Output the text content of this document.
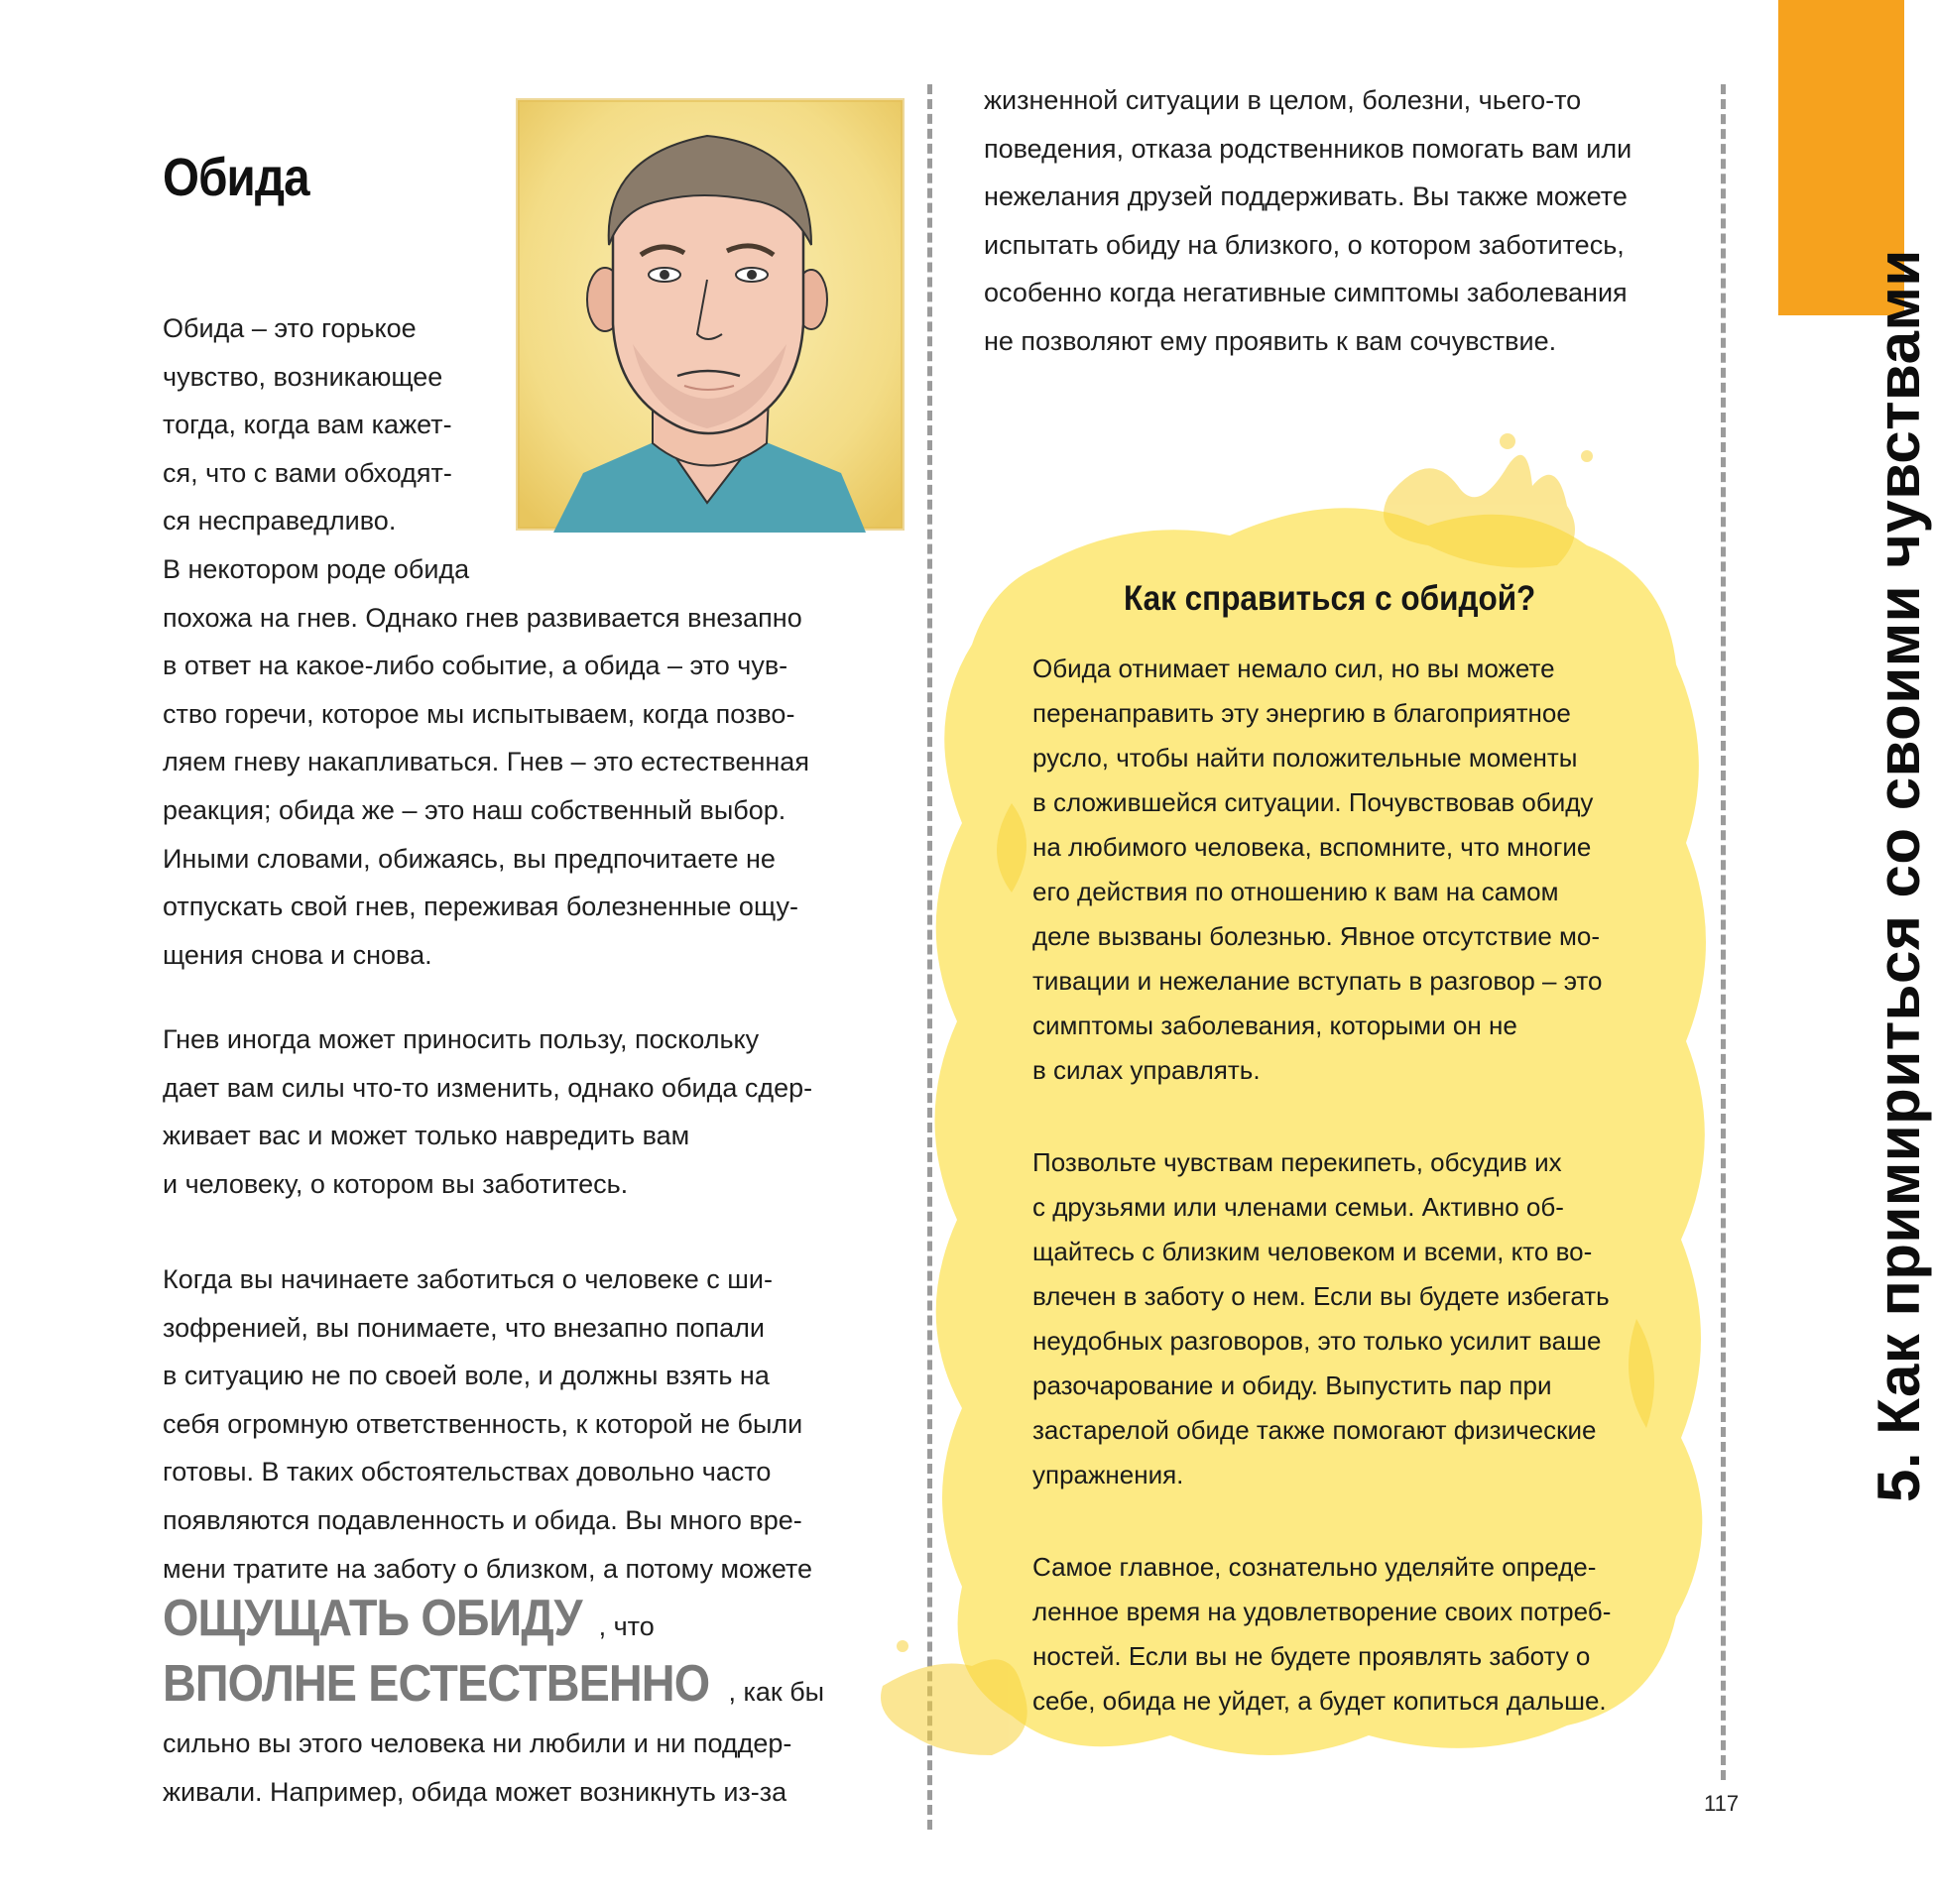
5. Как примириться со своими чувствами
Обида
Обида – это горькое
чувство, возникающее
тогда, когда вам кажет-
ся, что с вами обходят-
ся несправедливо.
В некотором роде обида
похожа на гнев. Однако гнев развивается внезапно
в ответ на какое-либо событие, а обида – это чув-
ство горечи, которое мы испытываем, когда позво-
ляем гневу накапливаться. Гнев – это естественная
реакция; обида же – это наш собственный выбор.
Иными словами, обижаясь, вы предпочитаете не
отпускать свой гнев, переживая болезненные ощу-
щения снова и снова.
Гнев иногда может приносить пользу, поскольку
дает вам силы что-то изменить, однако обида сдер-
живает вас и может только навредить вам
и человеку, о котором вы заботитесь.
Когда вы начинаете заботиться о человеке с ши-
зофренией, вы понимаете, что внезапно попали
в ситуацию не по своей воле, и должны взять на
себя огромную ответственность, к которой не были
готовы. В таких обстоятельствах довольно часто
появляются подавленность и обида. Вы много вре-
мени тратите на заботу о близком, а потому можете
ОЩУЩАТЬ ОБИДУ , что
ВПОЛНЕ ЕСТЕСТВЕННО , как бы
сильно вы этого человека ни любили и ни поддер-
живали. Например, обида может возникнуть из-за
жизненной ситуации в целом, болезни, чьего-то
поведения, отказа родственников помогать вам или
нежелания друзей поддерживать. Вы также можете
испытать обиду на близкого, о котором заботитесь,
особенно когда негативные симптомы заболевания
не позволяют ему проявить к вам сочувствие.
Как справиться с обидой?
Обида отнимает немало сил, но вы можете
перенаправить эту энергию в благоприятное
русло, чтобы найти положительные моменты
в сложившейся ситуации. Почувствовав обиду
на любимого человека, вспомните, что многие
его действия по отношению к вам на самом
деле вызваны болезнью. Явное отсутствие мо-
тивации и нежелание вступать в разговор – это
симптомы заболевания, которыми он не
в силах управлять.
Позвольте чувствам перекипеть, обсудив их
с друзьями или членами семьи. Активно об-
щайтесь с близким человеком и всеми, кто во-
влечен в заботу о нем. Если вы будете избегать
неудобных разговоров, это только усилит ваше
разочарование и обиду. Выпустить пар при
застарелой обиде также помогают физические
упражнения.
Самое главное, сознательно уделяйте опреде-
ленное время на удовлетворение своих потреб-
ностей. Если вы не будете проявлять заботу о
себе, обида не уйдет, а будет копиться дальше.
117
